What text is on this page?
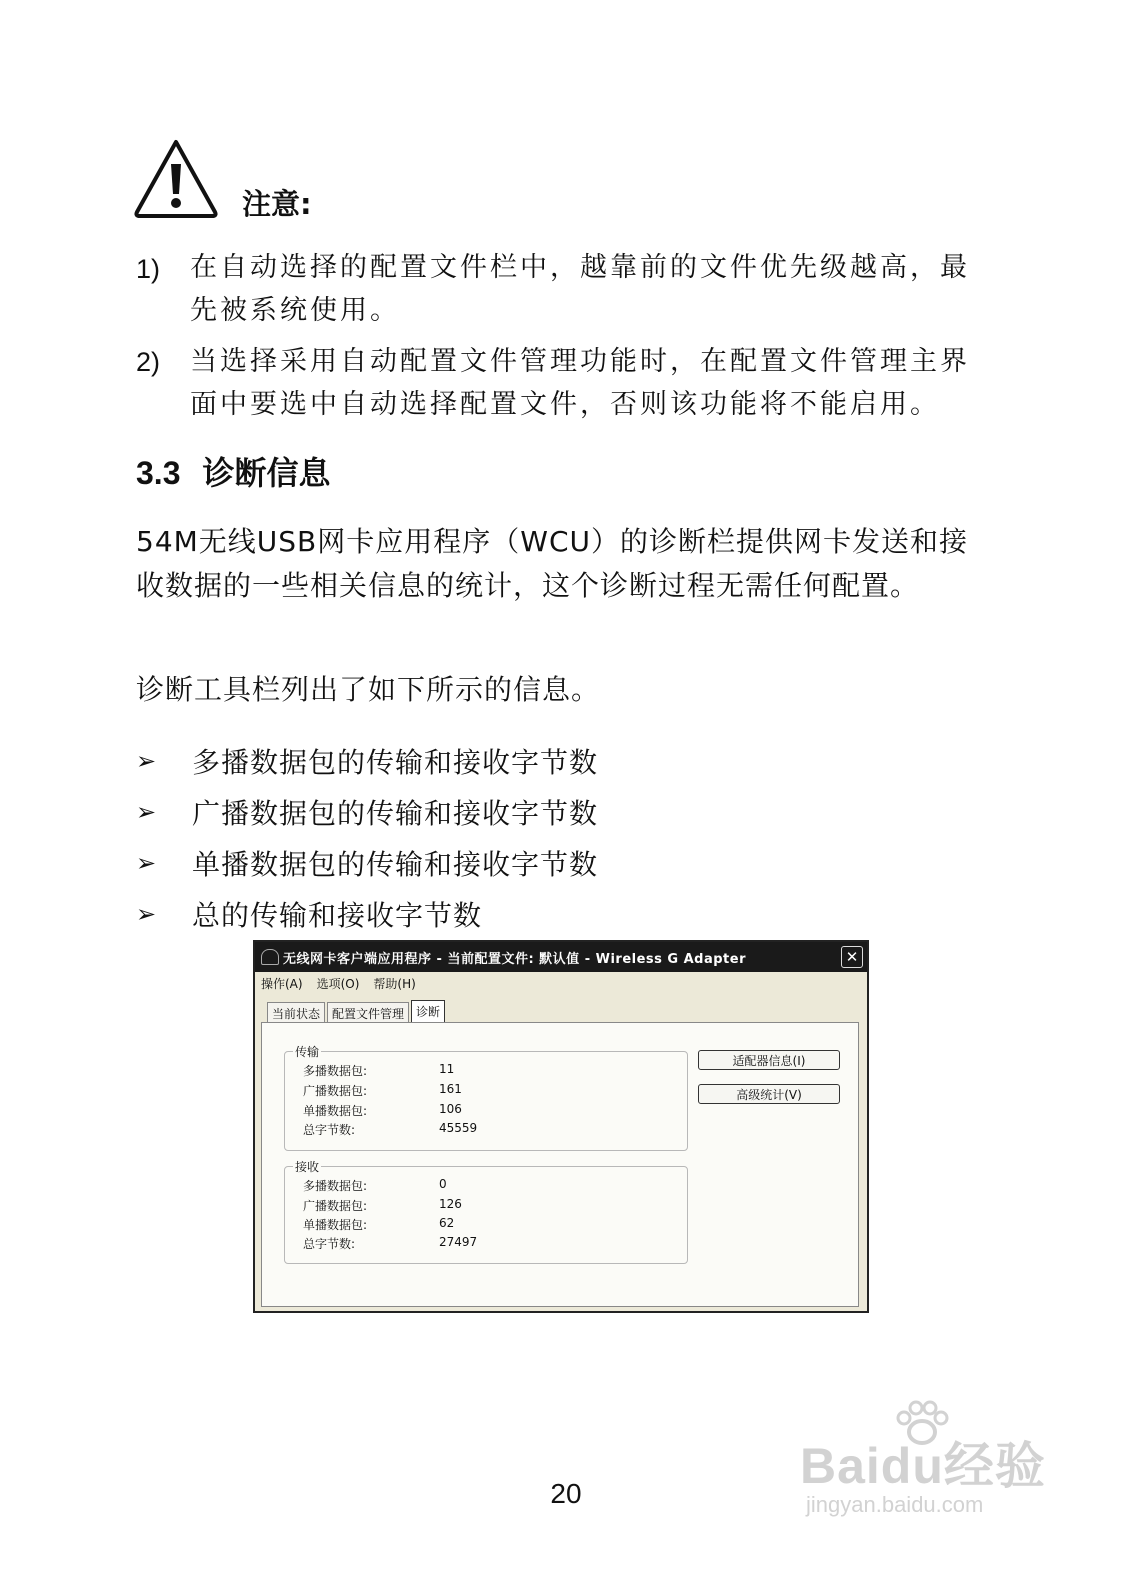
注意:
1) 在自动选择的配置文件栏中，越靠前的文件优先级越高，最先被系统使用。
2) 当选择采用自动配置文件管理功能时，在配置文件管理主界面中要选中自动选择配置文件，否则该功能将不能启用。
3.3 诊断信息
54M无线USB网卡应用程序（WCU）的诊断栏提供网卡发送和接收数据的一些相关信息的统计，这个诊断过程无需任何配置。
诊断工具栏列出了如下所示的信息。
➢	多播数据包的传输和接收字节数
➢	广播数据包的传输和接收字节数
➢	单播数据包的传输和接收字节数
➢	总的传输和接收字节数
无线网卡客户端应用程序 - 当前配置文件: 默认值 - Wireless G Adapter	✕
操作(A) 选项(O) 帮助(H)
当前状态	配置文件管理	诊断
传输
多播数据包:	11
广播数据包:	161
单播数据包:	106
总字节数:	45559
接收
多播数据包:	0
广播数据包:	126
单播数据包:	62
总字节数:	27497
适配器信息(I)
高级统计(V)
Baidu经验
jingyan.baidu.com
20
